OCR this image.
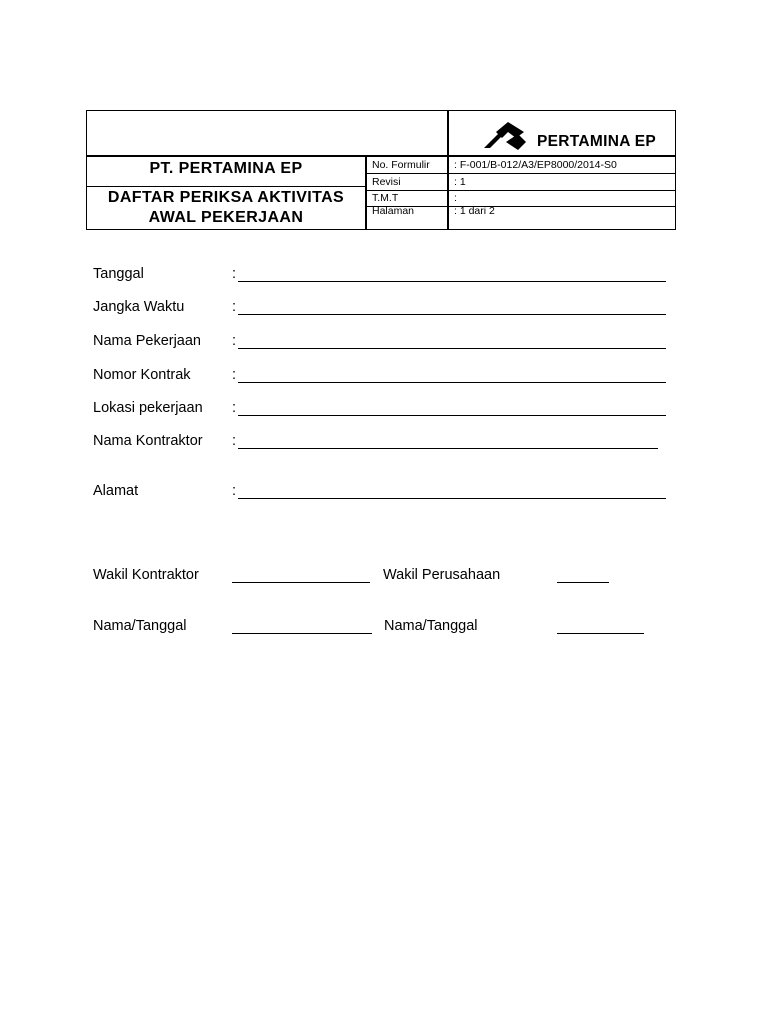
PERTAMINA EP
PT. PERTAMINA EP
DAFTAR PERIKSA AKTIVITAS
AWAL PEKERJAAN
No. Formulir : F-001/B-012/A3/EP8000/2014-S0
Revisi	: 1
T.M.T	:
Halaman	: 1 dari 2
Tanggal	:
Jangka Waktu	:
Nama Pekerjaan :
Nomor Kontrak	:
Lokasi pekerjaan :
Nama Kontraktor :
Alamat	:
Wakil Kontraktor	Wakil Perusahaan
Nama/Tanggal	Nama/Tanggal
